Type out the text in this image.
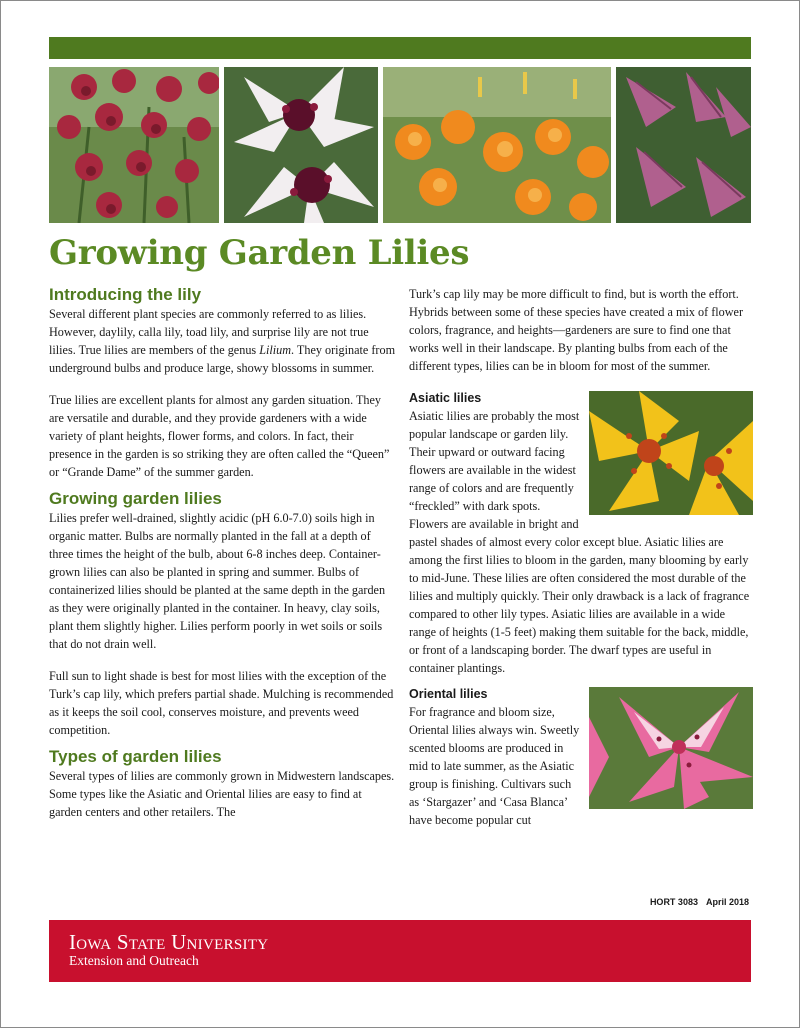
Growing Garden Lilies
Introducing the lily

Several different plant species are commonly referred to as lilies. However, daylily, calla lily, toad lily, and surprise lily are not true lilies. True lilies are members of the genus Lilium. They originate from underground bulbs and produce large, showy blossoms in summer.

True lilies are excellent plants for almost any garden situation. They are versatile and durable, and they provide gardeners with a wide variety of plant heights, flower forms, and colors. In fact, their presence in the garden is so striking they are often called the “Queen” or “Grande Dame” of the summer garden.

Growing garden lilies

Lilies prefer well-drained, slightly acidic (pH 6.0-7.0) soils high in organic matter. Bulbs are normally planted in the fall at a depth of three times the height of the bulb, about 6-8 inches deep. Container-grown lilies can also be planted in spring and summer. Bulbs of containerized lilies should be planted at the same depth in the garden as they were originally planted in the container. In heavy, clay soils, plant them slightly higher. Lilies perform poorly in wet soils or soils that do not drain well.

Full sun to light shade is best for most lilies with the exception of the Turk’s cap lily, which prefers partial shade. Mulching is recommended as it keeps the soil cool, conserves moisture, and prevents weed competition.

Types of garden lilies

Several types of lilies are commonly grown in Midwestern landscapes. Some types like the Asiatic and Oriental lilies are easy to find at garden centers and other retailers. The

Turk’s cap lily may be more difficult to find, but is worth the effort. Hybrids between some of these species have created a mix of flower colors, fragrance, and heights—gardeners are sure to find one that works well in their landscape. By planting bulbs from each of the different types, lilies can be in bloom for most of the summer.

Asiatic lilies

Asiatic lilies are probably the most popular landscape or garden lily. Their upward or outward facing flowers are available in the widest range of colors and are frequently “freckled” with dark spots. Flowers are available in bright and pastel shades of almost every color except blue. Asiatic lilies are among the first lilies to bloom in the garden, many blooming by early to mid-June. These lilies are often considered the most durable of the lilies and multiply quickly. Their only drawback is a lack of fragrance compared to other lily types. Asiatic lilies are available in a wide range of heights (1-5 feet) making them suitable for the back, middle, or front of a landscaping border. The dwarf types are useful in container plantings.

Oriental lilies

For fragrance and bloom size, Oriental lilies always win. Sweetly scented blooms are produced in mid to late summer, as the Asiatic group is finishing. Cultivars such as ‘Stargazer’ and ‘Casa Blanca’ have become popular cut

HORT 3083 April 2018
Iowa State University
Extension and Outreach
